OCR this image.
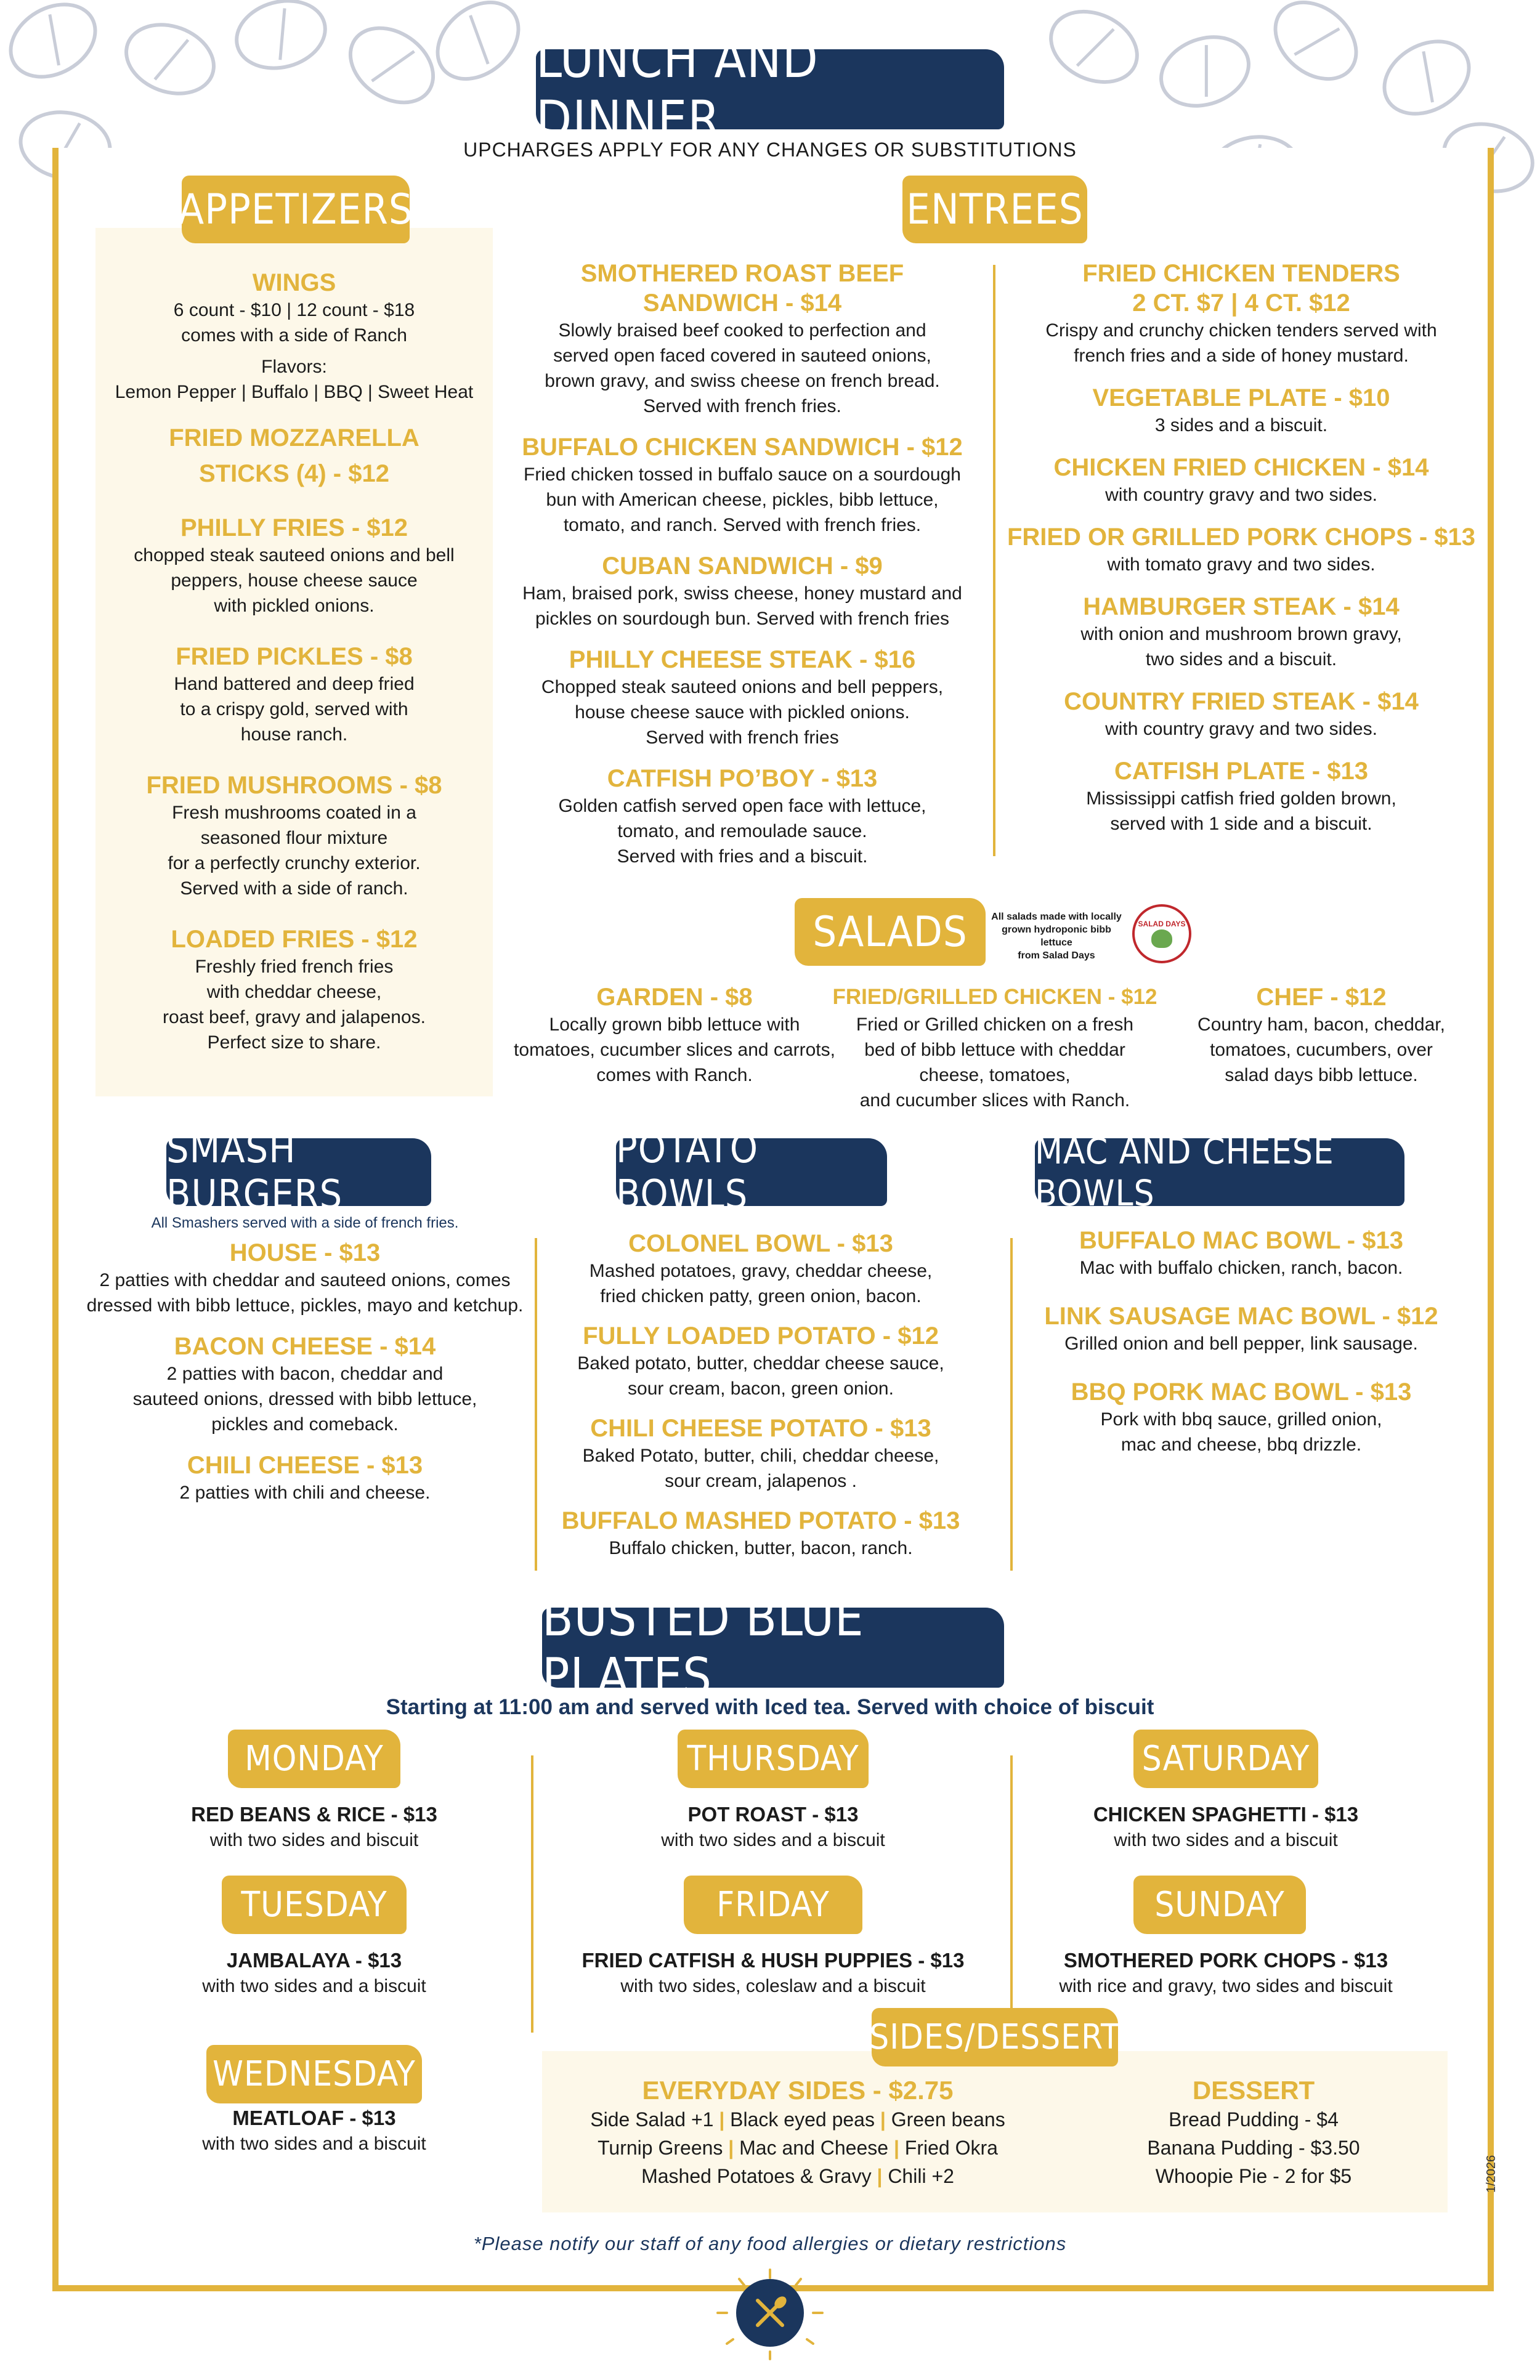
LUNCH AND DINNER
UPCHARGES APPLY FOR ANY CHANGES OR SUBSTITUTIONS
APPETIZERS
WINGS
6 count - $10 | 12 count - $18
comes with a side of Ranch
Flavors:
Lemon Pepper | Buffalo | BBQ | Sweet Heat
FRIED MOZZARELLA
STICKS (4) - $12
PHILLY FRIES - $12
chopped steak sauteed onions and bell
peppers, house cheese sauce
with pickled onions.
FRIED PICKLES - $8
Hand battered and deep fried
to a crispy gold, served with
house ranch.
FRIED MUSHROOMS - $8
Fresh mushrooms coated in a
seasoned flour mixture
for a perfectly crunchy exterior.
Served with a side of ranch.
LOADED FRIES - $12
Freshly fried french fries
with cheddar cheese,
roast beef, gravy and jalapenos.
Perfect size to share.
ENTREES
SMOTHERED ROAST BEEF
SANDWICH - $14
Slowly braised beef cooked to perfection and
served open faced covered in sauteed onions,
brown gravy, and swiss cheese on french bread.
Served with french fries.
BUFFALO CHICKEN SANDWICH - $12
Fried chicken tossed in buffalo sauce on a sourdough
bun with American cheese, pickles, bibb lettuce,
tomato, and ranch. Served with french fries.
CUBAN SANDWICH - $9
Ham, braised pork, swiss cheese, honey mustard and
pickles on sourdough bun. Served with french fries
PHILLY CHEESE STEAK - $16
Chopped steak sauteed onions and bell peppers,
house cheese sauce with pickled onions.
Served with french fries
CATFISH PO’BOY - $13
Golden catfish served open face with lettuce,
tomato, and remoulade sauce.
Served with fries and a biscuit.
FRIED CHICKEN TENDERS
2 CT. $7 | 4 CT. $12
Crispy and crunchy chicken tenders served with
french fries and a side of honey mustard.
VEGETABLE PLATE - $10
3 sides and a biscuit.
CHICKEN FRIED CHICKEN - $14
with country gravy and two sides.
FRIED OR GRILLED PORK CHOPS - $13
with tomato gravy and two sides.
HAMBURGER STEAK - $14
with onion and mushroom brown gravy,
two sides and a biscuit.
COUNTRY FRIED STEAK - $14
with country gravy and two sides.
CATFISH PLATE - $13
Mississippi catfish fried golden brown,
served with 1 side and a biscuit.
SALADS	All salads made with locally
grown hydroponic bibb lettuce
from Salad Days
SALAD DAYS
GARDEN - $8
Locally grown bibb lettuce with
tomatoes, cucumber slices and carrots,
comes with Ranch.
FRIED/GRILLED CHICKEN - $12
Fried or Grilled chicken on a fresh
bed of bibb lettuce with cheddar
cheese, tomatoes,
and cucumber slices with Ranch.
CHEF - $12
Country ham, bacon, cheddar,
tomatoes, cucumbers, over
salad days bibb lettuce.
SMASH BURGERS
All Smashers served with a side of french fries.
HOUSE - $13
2 patties with cheddar and sauteed onions, comes
dressed with bibb lettuce, pickles, mayo and ketchup.
BACON CHEESE - $14
2 patties with bacon, cheddar and
sauteed onions, dressed with bibb lettuce,
pickles and comeback.
CHILI CHEESE - $13
2 patties with chili and cheese.
POTATO BOWLS
COLONEL BOWL - $13
Mashed potatoes, gravy, cheddar cheese,
fried chicken patty, green onion, bacon.
FULLY LOADED POTATO - $12
Baked potato, butter, cheddar cheese sauce,
sour cream, bacon, green onion.
CHILI CHEESE POTATO - $13
Baked Potato, butter, chili, cheddar cheese,
sour cream, jalapenos .
BUFFALO MASHED POTATO - $13
Buffalo chicken, butter, bacon, ranch.
MAC AND CHEESE BOWLS
BUFFALO MAC BOWL - $13
Mac with buffalo chicken, ranch, bacon.
LINK SAUSAGE MAC BOWL - $12
Grilled onion and bell pepper, link sausage.
BBQ PORK MAC BOWL - $13
Pork with bbq sauce, grilled onion,
mac and cheese, bbq drizzle.
BUSTED BLUE PLATES
Starting at 11:00 am and served with Iced tea. Served with choice of biscuit
MONDAY
RED BEANS & RICE - $13
with two sides and biscuit
TUESDAY
JAMBALAYA - $13
with two sides and a biscuit
WEDNESDAY
MEATLOAF - $13
with two sides and a biscuit
THURSDAY
POT ROAST - $13
with two sides and a biscuit
FRIDAY
FRIED CATFISH & HUSH PUPPIES - $13
with two sides, coleslaw and a biscuit
SATURDAY
CHICKEN SPAGHETTI - $13
with two sides and a biscuit
SUNDAY
SMOTHERED PORK CHOPS - $13
with rice and gravy, two sides and biscuit
SIDES/DESSERT
EVERYDAY SIDES - $2.75
Side Salad +1 | Black eyed peas | Green beans
Turnip Greens | Mac and Cheese | Fried Okra
Mashed Potatoes & Gravy | Chili +2
DESSERT
Bread Pudding - $4
Banana Pudding - $3.50
Whoopie Pie - 2 for $5
*Please notify our staff of any food allergies or dietary restrictions
1/2026
